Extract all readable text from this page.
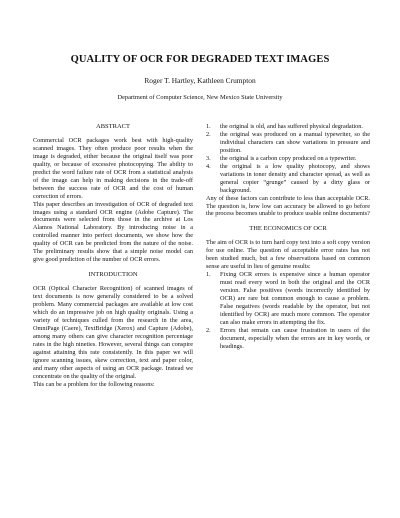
QUALITY OF OCR FOR DEGRADED TEXT IMAGES
Roger T. Hartley, Kathleen Crumpton
Department of Computer Science, New Mexico State University
ABSTRACT

Commercial OCR packages work best with high-quality scanned images. They often produce poor results when the image is degraded, either because the original itself was poor quality, or because of excessive photocopying. The ability to predict the word failure rate of OCR from a statistical analysis of the image can help in making decisions in the trade-off between the success rate of OCR and the cost of human correction of errors.

This paper describes an investigation of OCR of degraded text images using a standard OCR engine (Adobe Capture). The documents were selected from those in the archive at Los Alamos National Laboratory. By introducing noise in a controlled manner into perfect documents, we show how the quality of OCR can be predicted from the nature of the noise. The preliminary results show that a simple noise model can give good prediction of the number of OCR errors.

INTRODUCTION

OCR (Optical Character Recognition) of scanned images of text documents is now generally considered to be a solved problem. Many commercial packages are available at low cost which do an impressive job on high quality originals. Using a variety of techniques culled from the research in the area, OmniPage (Caere), TextBridge (Xerox) and Capture (Adobe), among many others can give character recognition percentage rates in the high nineties. However, several things can conspire against attaining this rate consistently. In this paper we will ignore scanning issues, skew correction, text and paper color, and many other aspects of using an OCR package. Instead we concentrate on the quality of the original.

This can be a problem for the following reasons:

1. the original is old, and has suffered physical degradation.
2. the original was produced on a manual typewriter, so the individual characters can show variations in pressure and position.
3. the original is a carbon copy produced on a typewriter.
4. the original is a low quality photocopy, and shows variations in toner density and character spread, as well as general copier “grunge” caused by a dirty glass or background.

Any of these factors can contribute to less than acceptable OCR. The question is, how low can accuracy be allowed to go before the process becomes unable to produce usable online documents?

THE ECONOMICS OF OCR

The aim of OCR is to turn hard copy text into a soft copy version for use online. The question of acceptable error rates has not been studied much, but a few observations based on common sense are useful in lieu of genuine results:

1. Fixing OCR errors is expensive since a human operator must read every word in both the original and the OCR version. False positives (words incorrectly identified by OCR) are rare but common enough to cause a problem. False negatives (words readable by the operator, but not identified by OCR) are much more common. The operator can also make errors in attempting the fix.
2. Errors that remain can cause frustration in users of the document, especially when the errors are in key words, or headings.
